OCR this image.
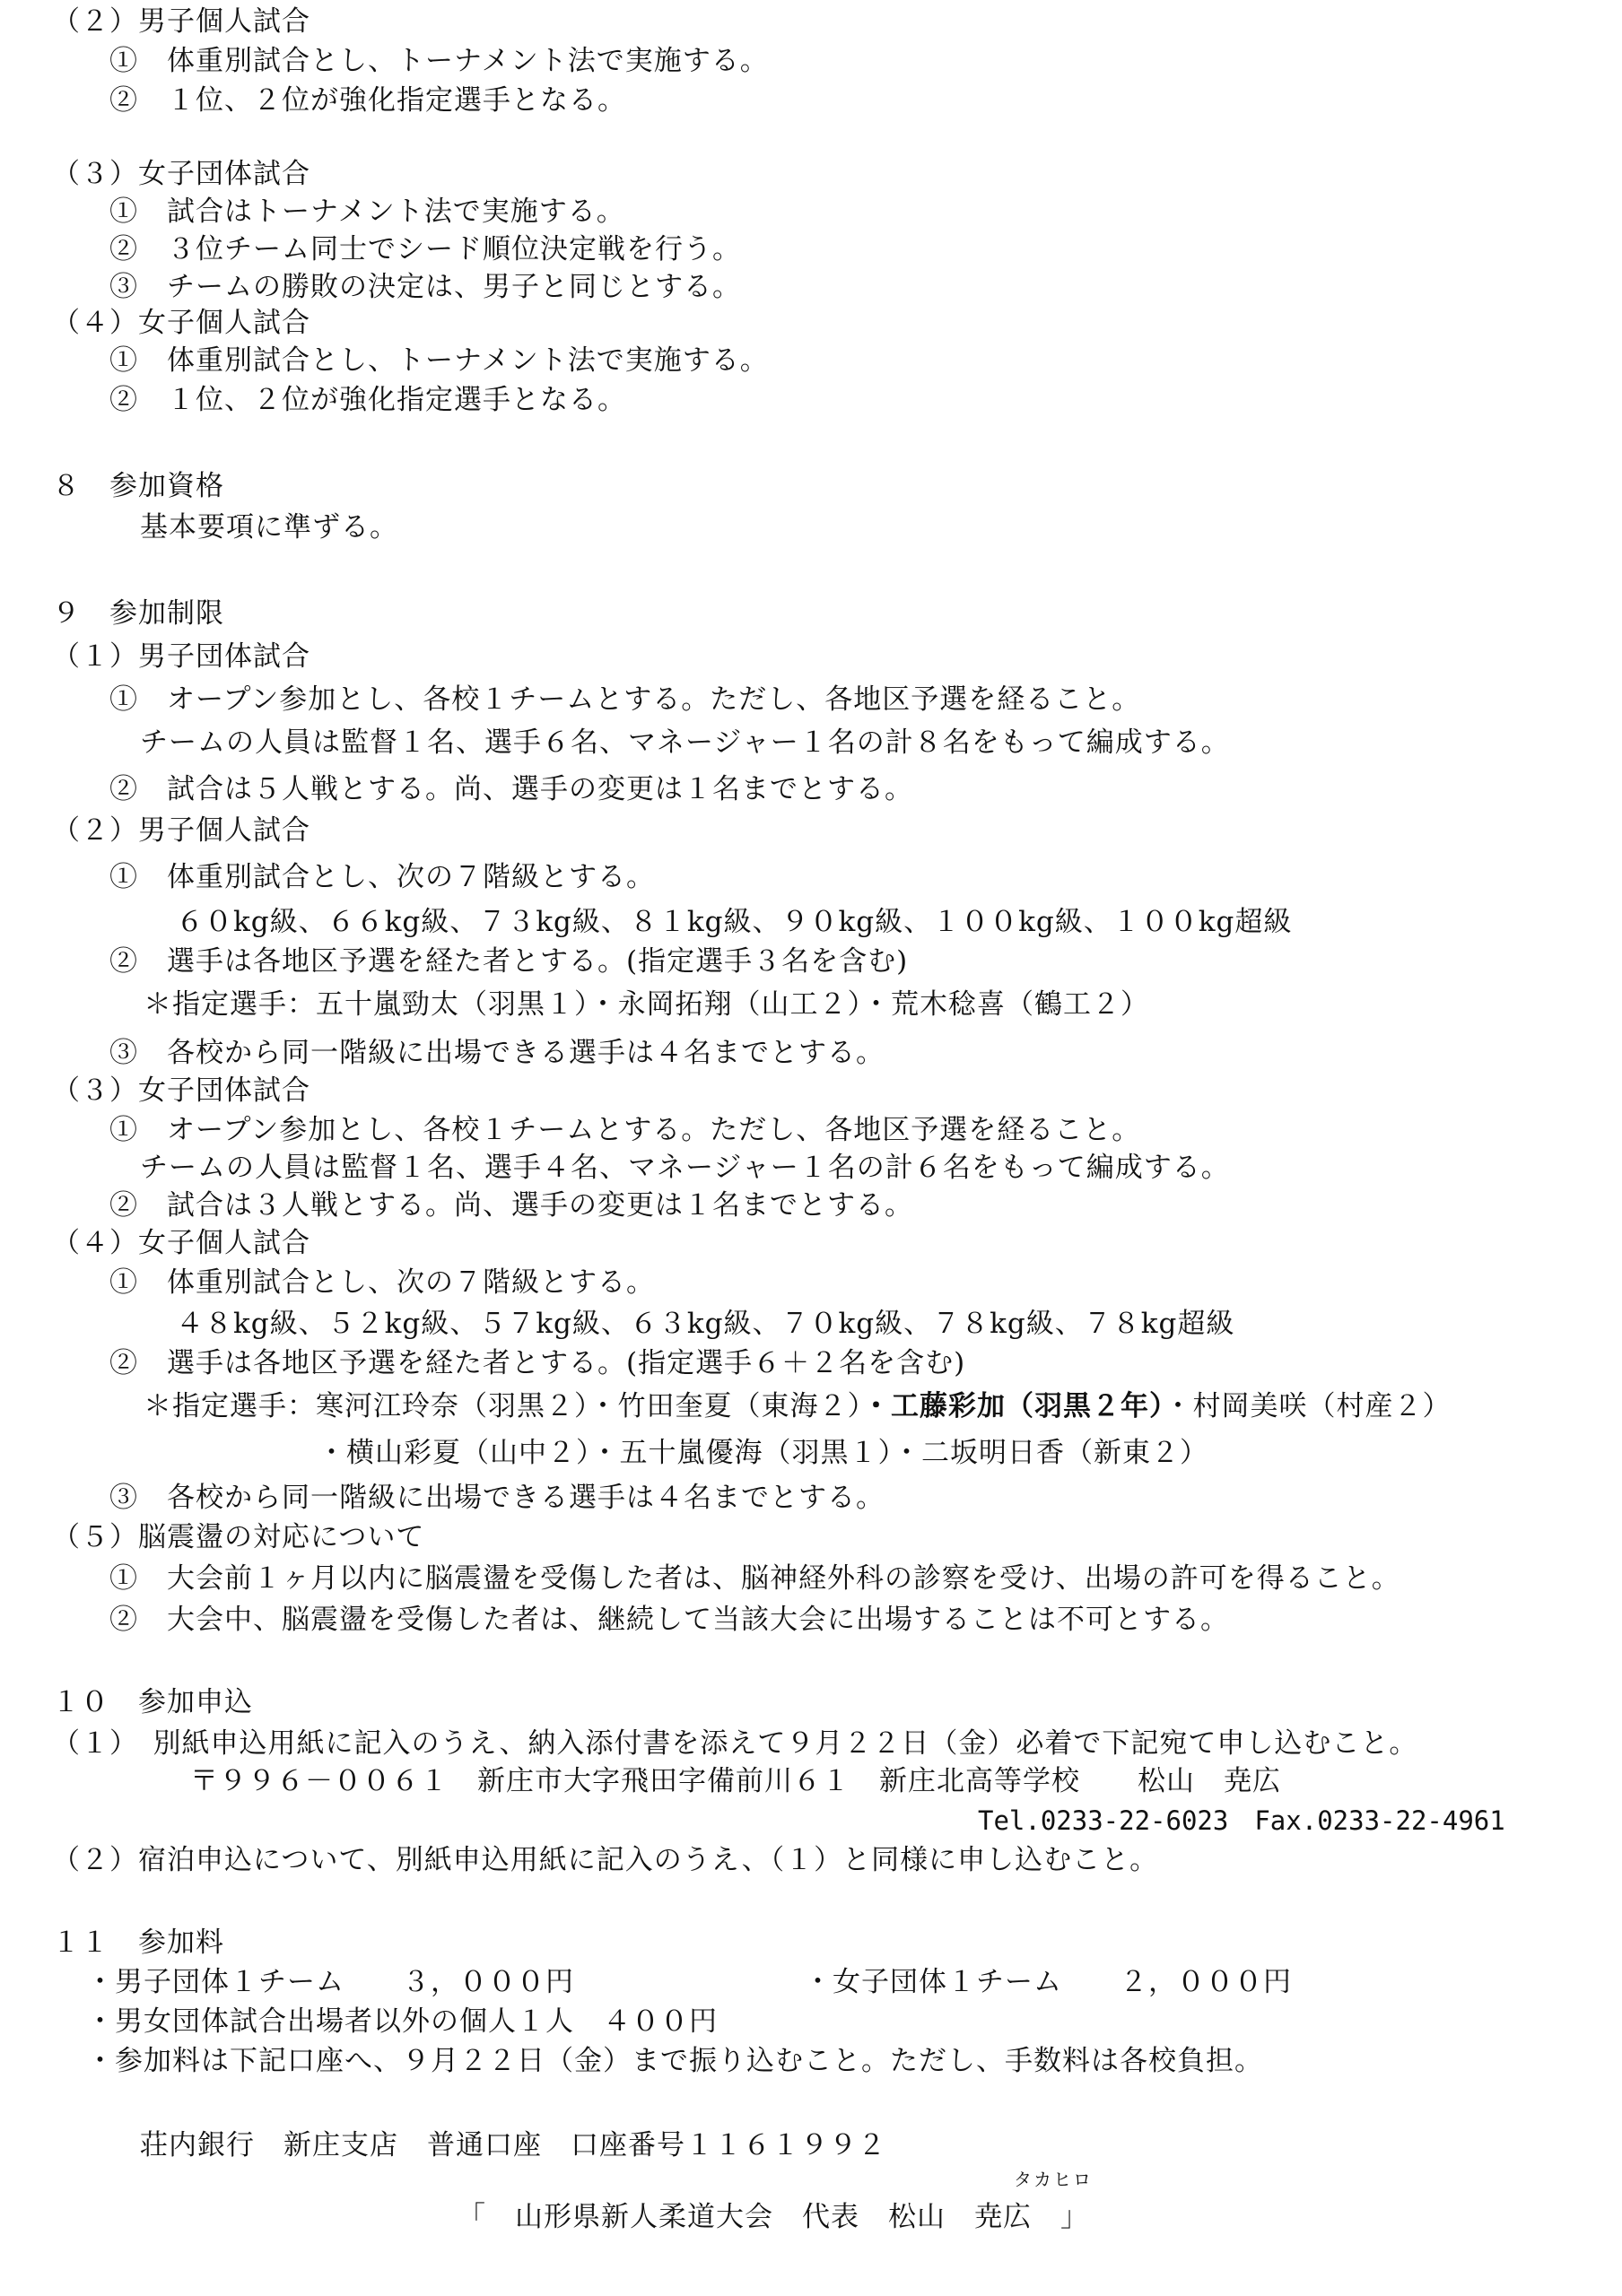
（２）男子個人試合
①　体重別試合とし、トーナメント法で実施する。
②　１位、２位が強化指定選手となる。
（３）女子団体試合
①　試合はトーナメント法で実施する。
②　３位チーム同士でシード順位決定戦を行う。
③　チームの勝敗の決定は、男子と同じとする。
（４）女子個人試合
①　体重別試合とし、トーナメント法で実施する。
②　１位、２位が強化指定選手となる。
８　参加資格
基本要項に準ずる。
９　参加制限
（１）男子団体試合
①　オープン参加とし、各校１チームとする。ただし、各地区予選を経ること。
チームの人員は監督１名、選手６名、マネージャー１名の計８名をもって編成する。
②　試合は５人戦とする。尚、選手の変更は１名までとする。
（２）男子個人試合
①　体重別試合とし、次の７階級とする。
６０kg級、６６kg級、７３kg級、８１kg級、９０kg級、１００kg級、１００kg超級
②　選手は各地区予選を経た者とする。(指定選手３名を含む)
＊指定選手：五十嵐勁太（羽黒１）・永岡拓翔（山工２）・荒木稔喜（鶴工２）
③　各校から同一階級に出場できる選手は４名までとする。
（３）女子団体試合
①　オープン参加とし、各校１チームとする。ただし、各地区予選を経ること。
チームの人員は監督１名、選手４名、マネージャー１名の計６名をもって編成する。
②　試合は３人戦とする。尚、選手の変更は１名までとする。
（４）女子個人試合
①　体重別試合とし、次の７階級とする。
４８kg級、５２kg級、５７kg級、６３kg級、７０kg級、７８kg級、７８kg超級
②　選手は各地区予選を経た者とする。(指定選手６＋２名を含む)
＊指定選手：寒河江玲奈（羽黒２）・竹田奎夏（東海２）・工藤彩加（羽黒２年）・村岡美咲（村産２）
・横山彩夏（山中２）・五十嵐優海（羽黒１）・二坂明日香（新東２）
③　各校から同一階級に出場できる選手は４名までとする。
（５）脳震盪の対応について
①　大会前１ヶ月以内に脳震盪を受傷した者は、脳神経外科の診察を受け、出場の許可を得ること。
②　大会中、脳震盪を受傷した者は、継続して当該大会に出場することは不可とする。
１０　参加申込
（１）　別紙申込用紙に記入のうえ、納入添付書を添えて９月２２日（金）必着で下記宛て申し込むこと。
〒９９６－００６１　新庄市大字飛田字備前川６１　新庄北高等学校　　松山　尭広
Tel.0233-22-6023　Fax.0233-22-4961
（２）宿泊申込について、別紙申込用紙に記入のうえ、（１）と同様に申し込むこと。
１１　参加料
・男子団体１チーム　　３，０００円	・女子団体１チーム　　２，０００円
・男女団体試合出場者以外の個人１人　４００円
・参加料は下記口座へ、９月２２日（金）まで振り込むこと。ただし、手数料は各校負担。
荘内銀行　新庄支店　普通口座　口座番号１１６１９９２
タカヒロ
「　山形県新人柔道大会　代表　松山　尭広　」
